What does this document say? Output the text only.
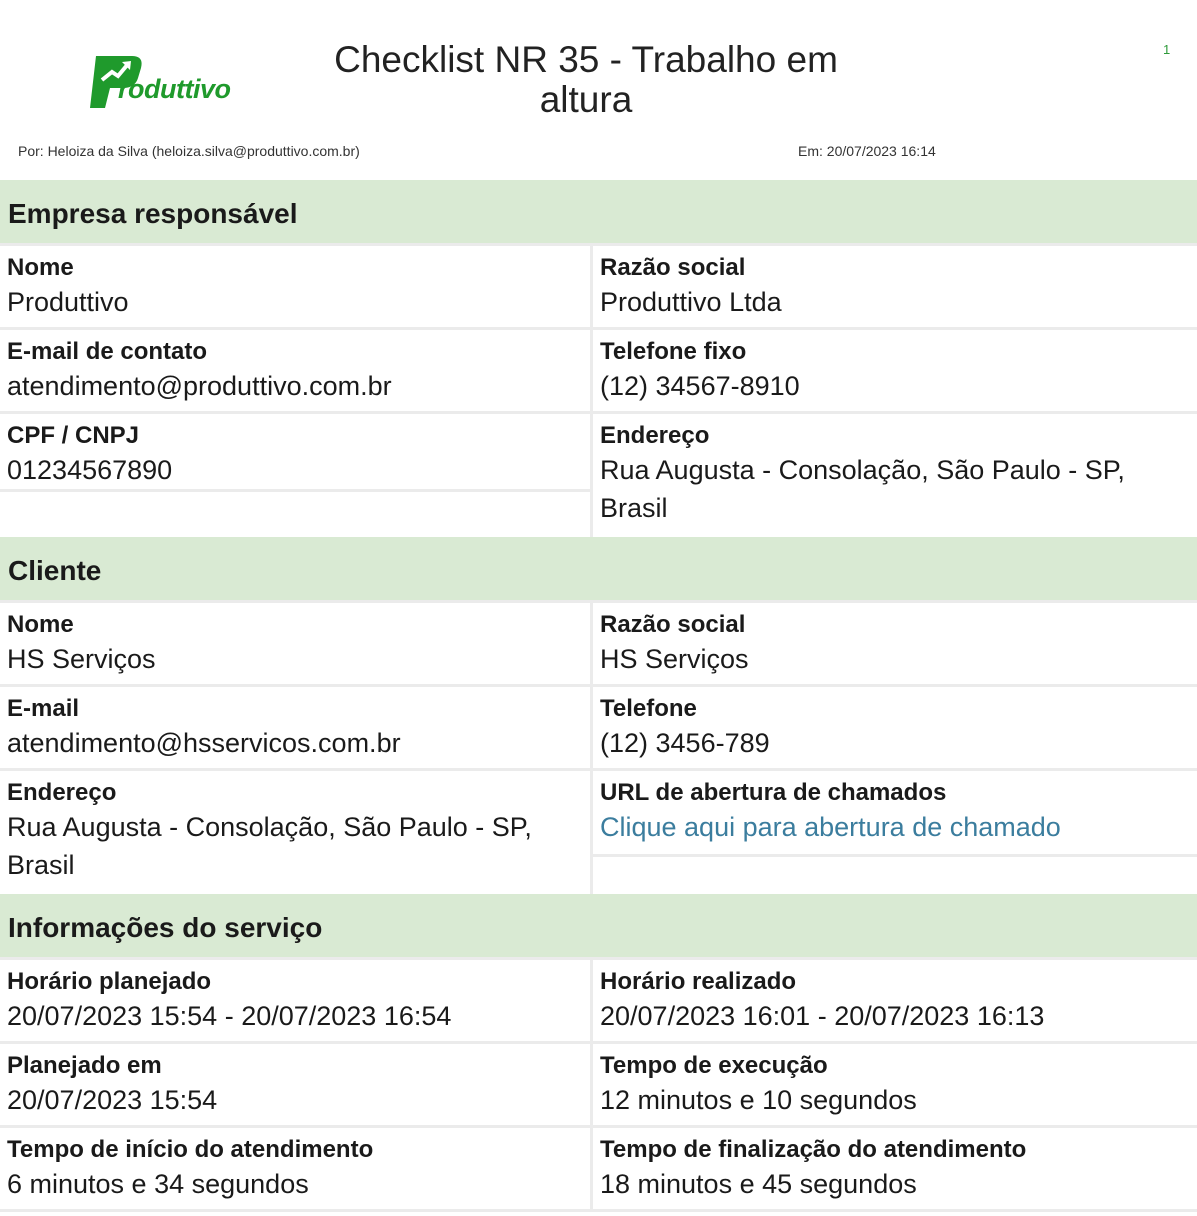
roduttivo
Checklist NR 35 - Trabalho em altura
1
Por: Heloiza da Silva (heloiza.silva@produttivo.com.br)	Em: 20/07/2023 16:14
Empresa responsável
Nome
Produttivo
Razão social
Produttivo Ltda
E-mail de contato
atendimento@produttivo.com.br
Telefone fixo
(12) 34567-8910
CPF / CNPJ
01234567890
Endereço
Rua Augusta - Consolação, São Paulo - SP, Brasil
Cliente
Nome
HS Serviços
Razão social
HS Serviços
E-mail
atendimento@hsservicos.com.br
Telefone
(12) 3456-789
Endereço
Rua Augusta - Consolação, São Paulo - SP, Brasil
URL de abertura de chamados
Clique aqui para abertura de chamado
Informações do serviço
Horário planejado
20/07/2023 15:54 - 20/07/2023 16:54
Horário realizado
20/07/2023 16:01 - 20/07/2023 16:13
Planejado em
20/07/2023 15:54
Tempo de execução
12 minutos e 10 segundos
Tempo de início do atendimento
6 minutos e 34 segundos
Tempo de finalização do atendimento
18 minutos e 45 segundos
